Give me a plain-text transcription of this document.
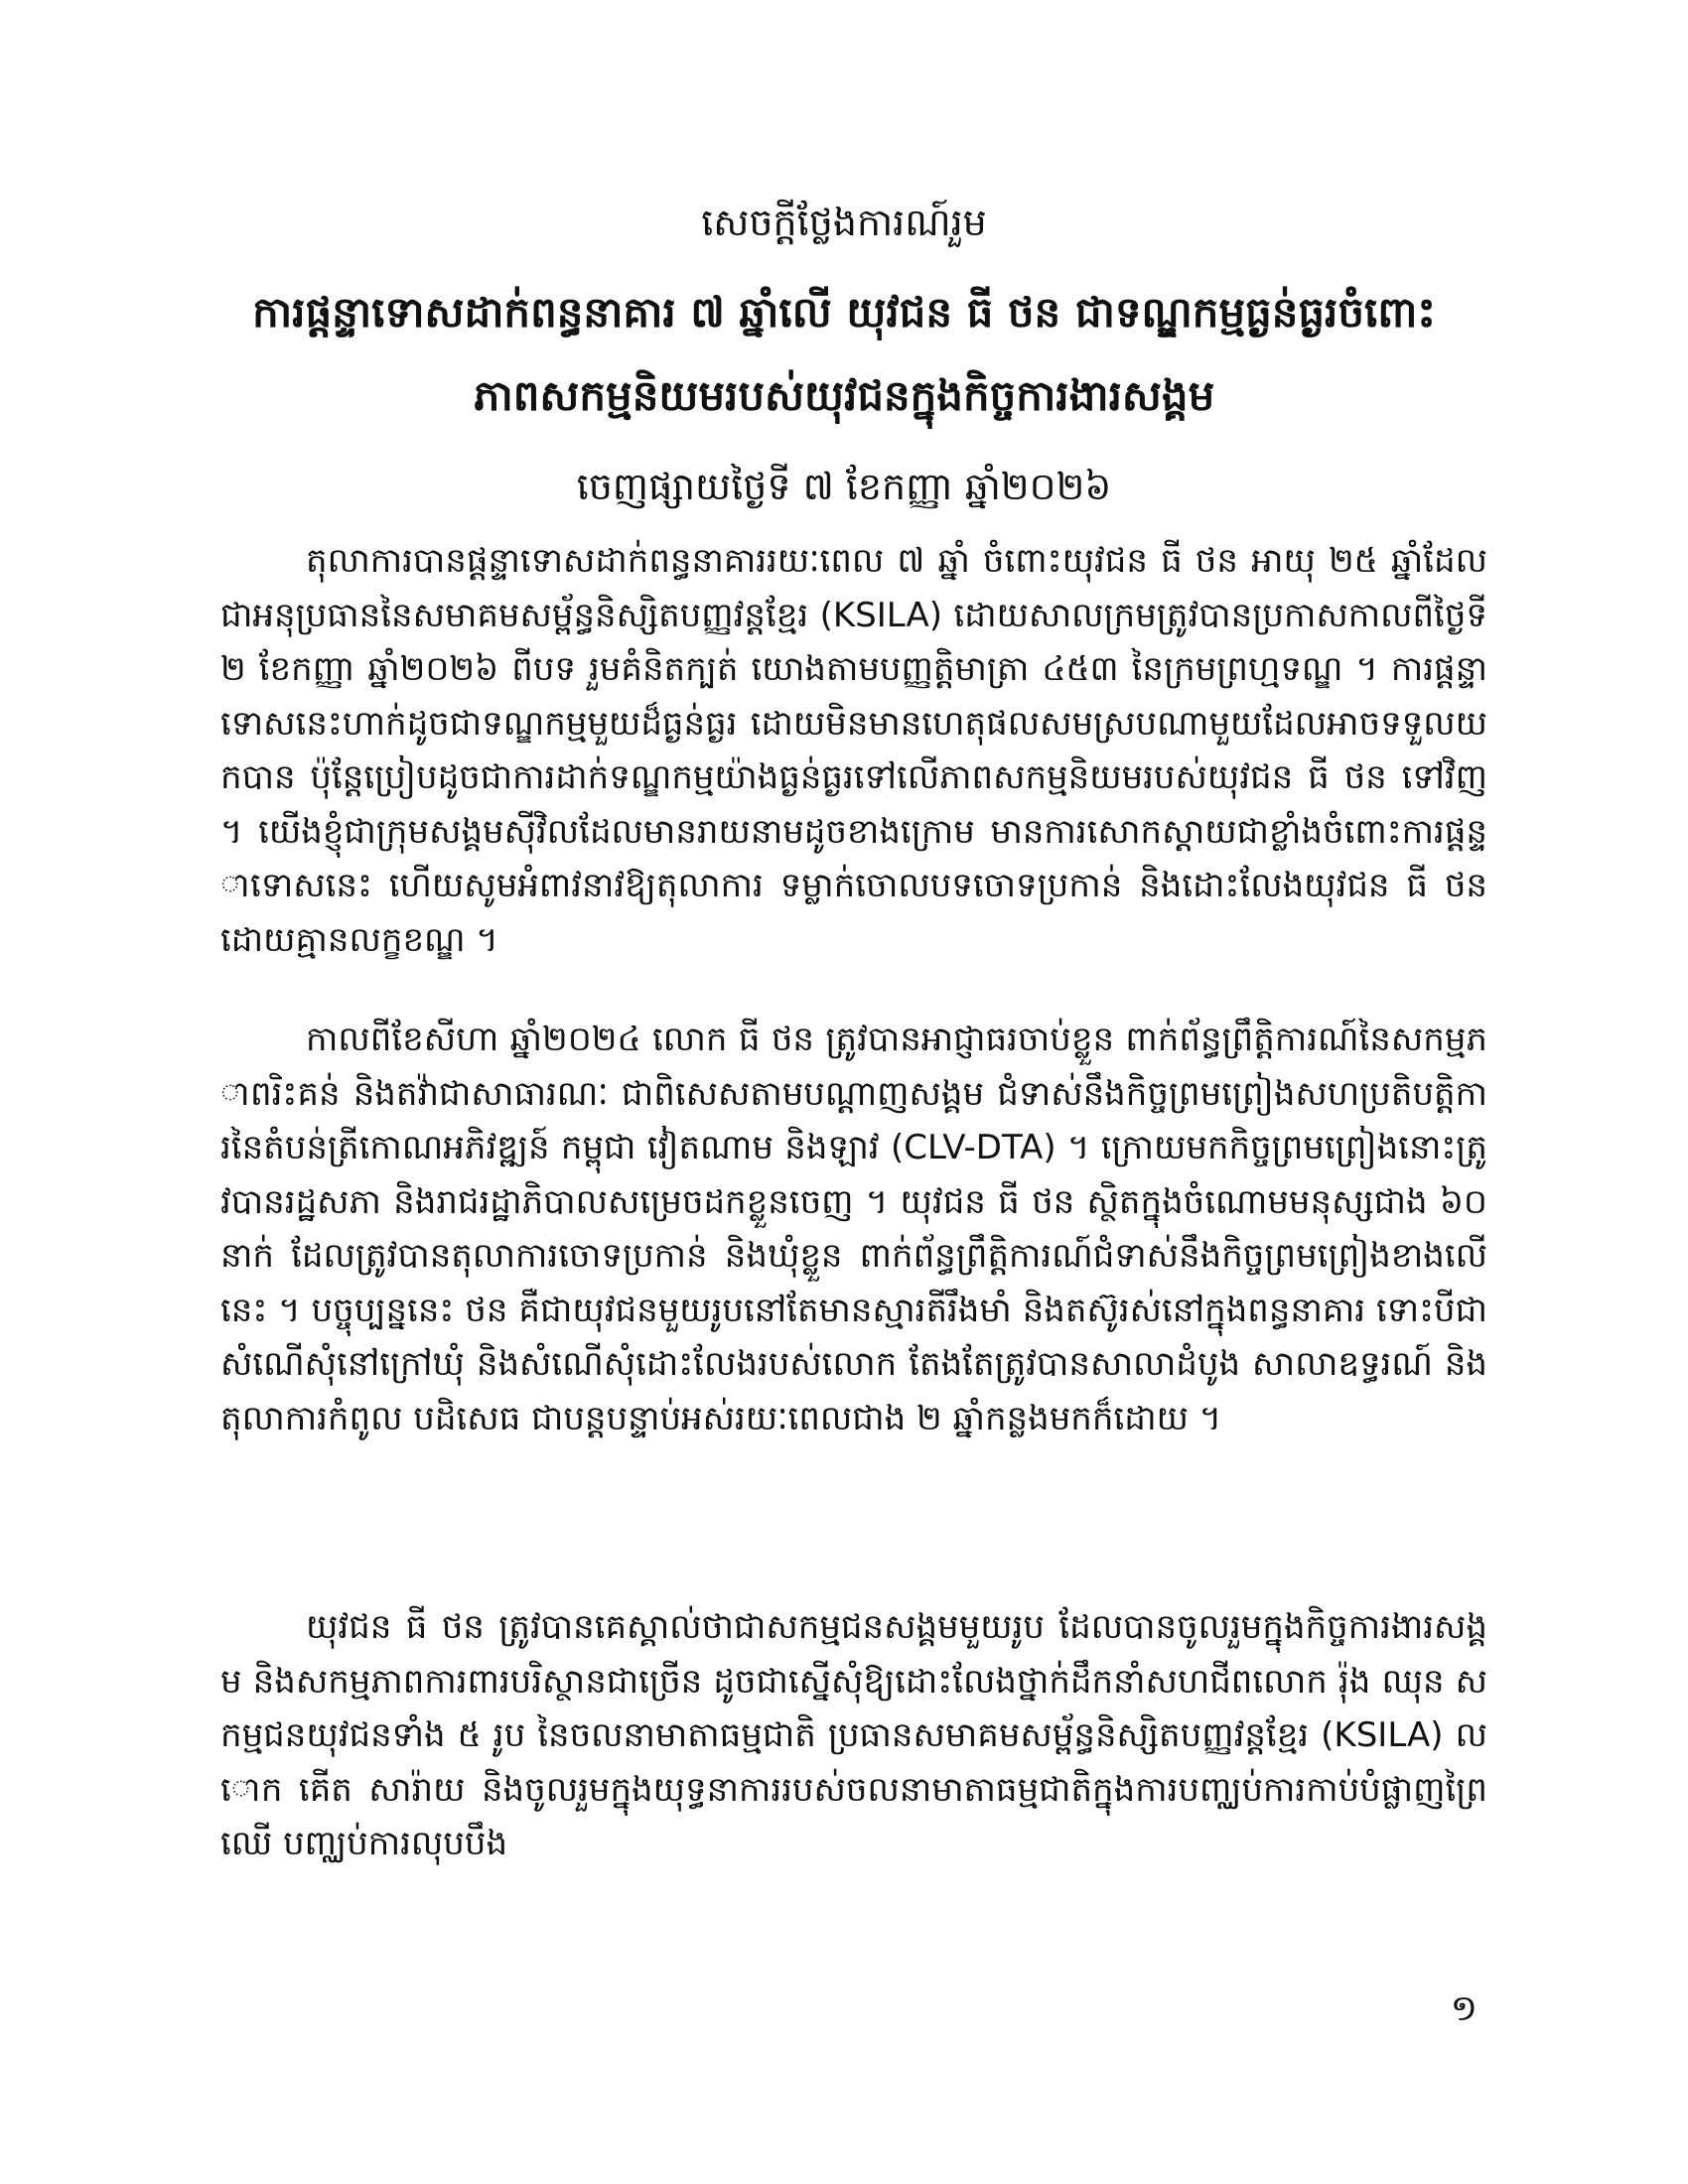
សេចក្តីថ្លែងការណ៍រួម
ការផ្តន្ទាទោសដាក់ពន្ធនាគារ ៧ ឆ្នាំលើ យុវជន ធី ថន ជាទណ្ឌកម្មធ្ងន់ធ្ងរចំពោះ
ភាពសកម្មនិយមរបស់យុវជនក្នុងកិច្ចការងារសង្គម
ចេញផ្សាយថ្ងៃទី ៧ ខែកញ្ញា ឆ្នាំ២០២៦

តុលាការបានផ្តន្ទាទោសដាក់ពន្ធនាគាររយៈពេល ៧ ឆ្នាំ ចំពោះយុវជន ធី ថន អាយុ ២៥ ឆ្នាំដែលជាអនុប្រធាននៃសមាគមសម្ព័ន្ធនិស្សិតបញ្ញវន្តខ្មែរ (KSILA) ដោយសាលក្រមត្រូវបានប្រកាសកាលពីថ្ងៃទី២ ខែកញ្ញា ឆ្នាំ២០២៦ ពីបទ រួមគំនិតក្បត់ យោងតាមបញ្ញត្តិមាត្រា ៤៥៣ នៃក្រមព្រហ្មទណ្ឌ ។ ការផ្តន្ទាទោសនេះហាក់ដូចជាទណ្ឌកម្មមួយដ៏ធ្ងន់ធ្ងរ ដោយមិនមានហេតុផលសមស្របណាមួយដែលអាចទទួលយកបាន ប៉ុន្តែប្រៀបដូចជាការដាក់ទណ្ឌកម្មយ៉ាងធ្ងន់ធ្ងរទៅលើភាពសកម្មនិយមរបស់យុវជន ធី ថន ទៅវិញ ។ យើងខ្ញុំជាក្រុមសង្គមស៊ីវិលដែលមានរាយនាមដូចខាងក្រោម មានការសោកស្តាយជាខ្លាំងចំពោះការផ្តន្ទាទោសនេះ ហើយសូមអំពាវនាវឱ្យតុលាការ ទម្លាក់ចោលបទចោទប្រកាន់ និងដោះលែងយុវជន ធី ថន ដោយគ្មានលក្ខខណ្ឌ ។

កាលពីខែសីហា ឆ្នាំ២០២៤ លោក ធី ថន ត្រូវបានអាជ្ញាធរចាប់ខ្លួន ពាក់ព័ន្ធព្រឹត្តិការណ៍នៃសកម្មភាពរិះគន់ និងតវ៉ាជាសាធារណៈ ជាពិសេសតាមបណ្តាញសង្គម ជំទាស់នឹងកិច្ចព្រមព្រៀងសហប្រតិបត្តិការនៃតំបន់ត្រីកោណអភិវឌ្ឍន៍ កម្ពុជា វៀតណាម និងឡាវ (CLV-DTA) ។ ក្រោយមកកិច្ចព្រមព្រៀងនោះត្រូវបានរដ្ឋសភា និងរាជរដ្ឋាភិបាលសម្រេចដកខ្លួនចេញ ។ យុវជន ធី ថន ស្ថិតក្នុងចំណោមមនុស្សជាង ៦០ នាក់ ដែលត្រូវបានតុលាការចោទប្រកាន់ និងឃុំខ្លួន ពាក់ព័ន្ធព្រឹត្តិការណ៍ជំទាស់នឹងកិច្ចព្រមព្រៀងខាងលើនេះ ។ បច្ចុប្បន្ននេះ ថន គឺជាយុវជនមួយរូបនៅតែមានស្មារតីរឹងមាំ និងតស៊ូរស់នៅក្នុងពន្ធនាគារ ទោះបីជាសំណើសុំនៅក្រៅឃុំ និងសំណើសុំដោះលែងរបស់លោក តែងតែត្រូវបានសាលាដំបូង សាលាឧទ្ធរណ៍ និងតុលាការកំពូល បដិសេធ ជាបន្តបន្ទាប់អស់រយៈពេលជាង ២ ឆ្នាំកន្លងមកក៏ដោយ ។

យុវជន ធី ថន ត្រូវបានគេស្គាល់ថាជាសកម្មជនសង្គមមួយរូប ដែលបានចូលរួមក្នុងកិច្ចការងារសង្គម និងសកម្មភាពការពារបរិស្ថានជាច្រើន ដូចជាស្នើសុំឱ្យដោះលែងថ្នាក់ដឹកនាំសហជីពលោក រ៉ុង ឈុន សកម្មជនយុវជនទាំង ៥ រូប នៃចលនាមាតាធម្មជាតិ ប្រធានសមាគមសម្ព័ន្ធនិស្សិតបញ្ញវន្តខ្មែរ (KSILA) លោក គើត សារ៉ាយ និងចូលរួមក្នុងយុទ្ធនាការរបស់ចលនាមាតាធម្មជាតិក្នុងការបញ្ឈប់ការកាប់បំផ្លាញព្រៃឈើ បញ្ឈប់ការលុបបឹង

១
